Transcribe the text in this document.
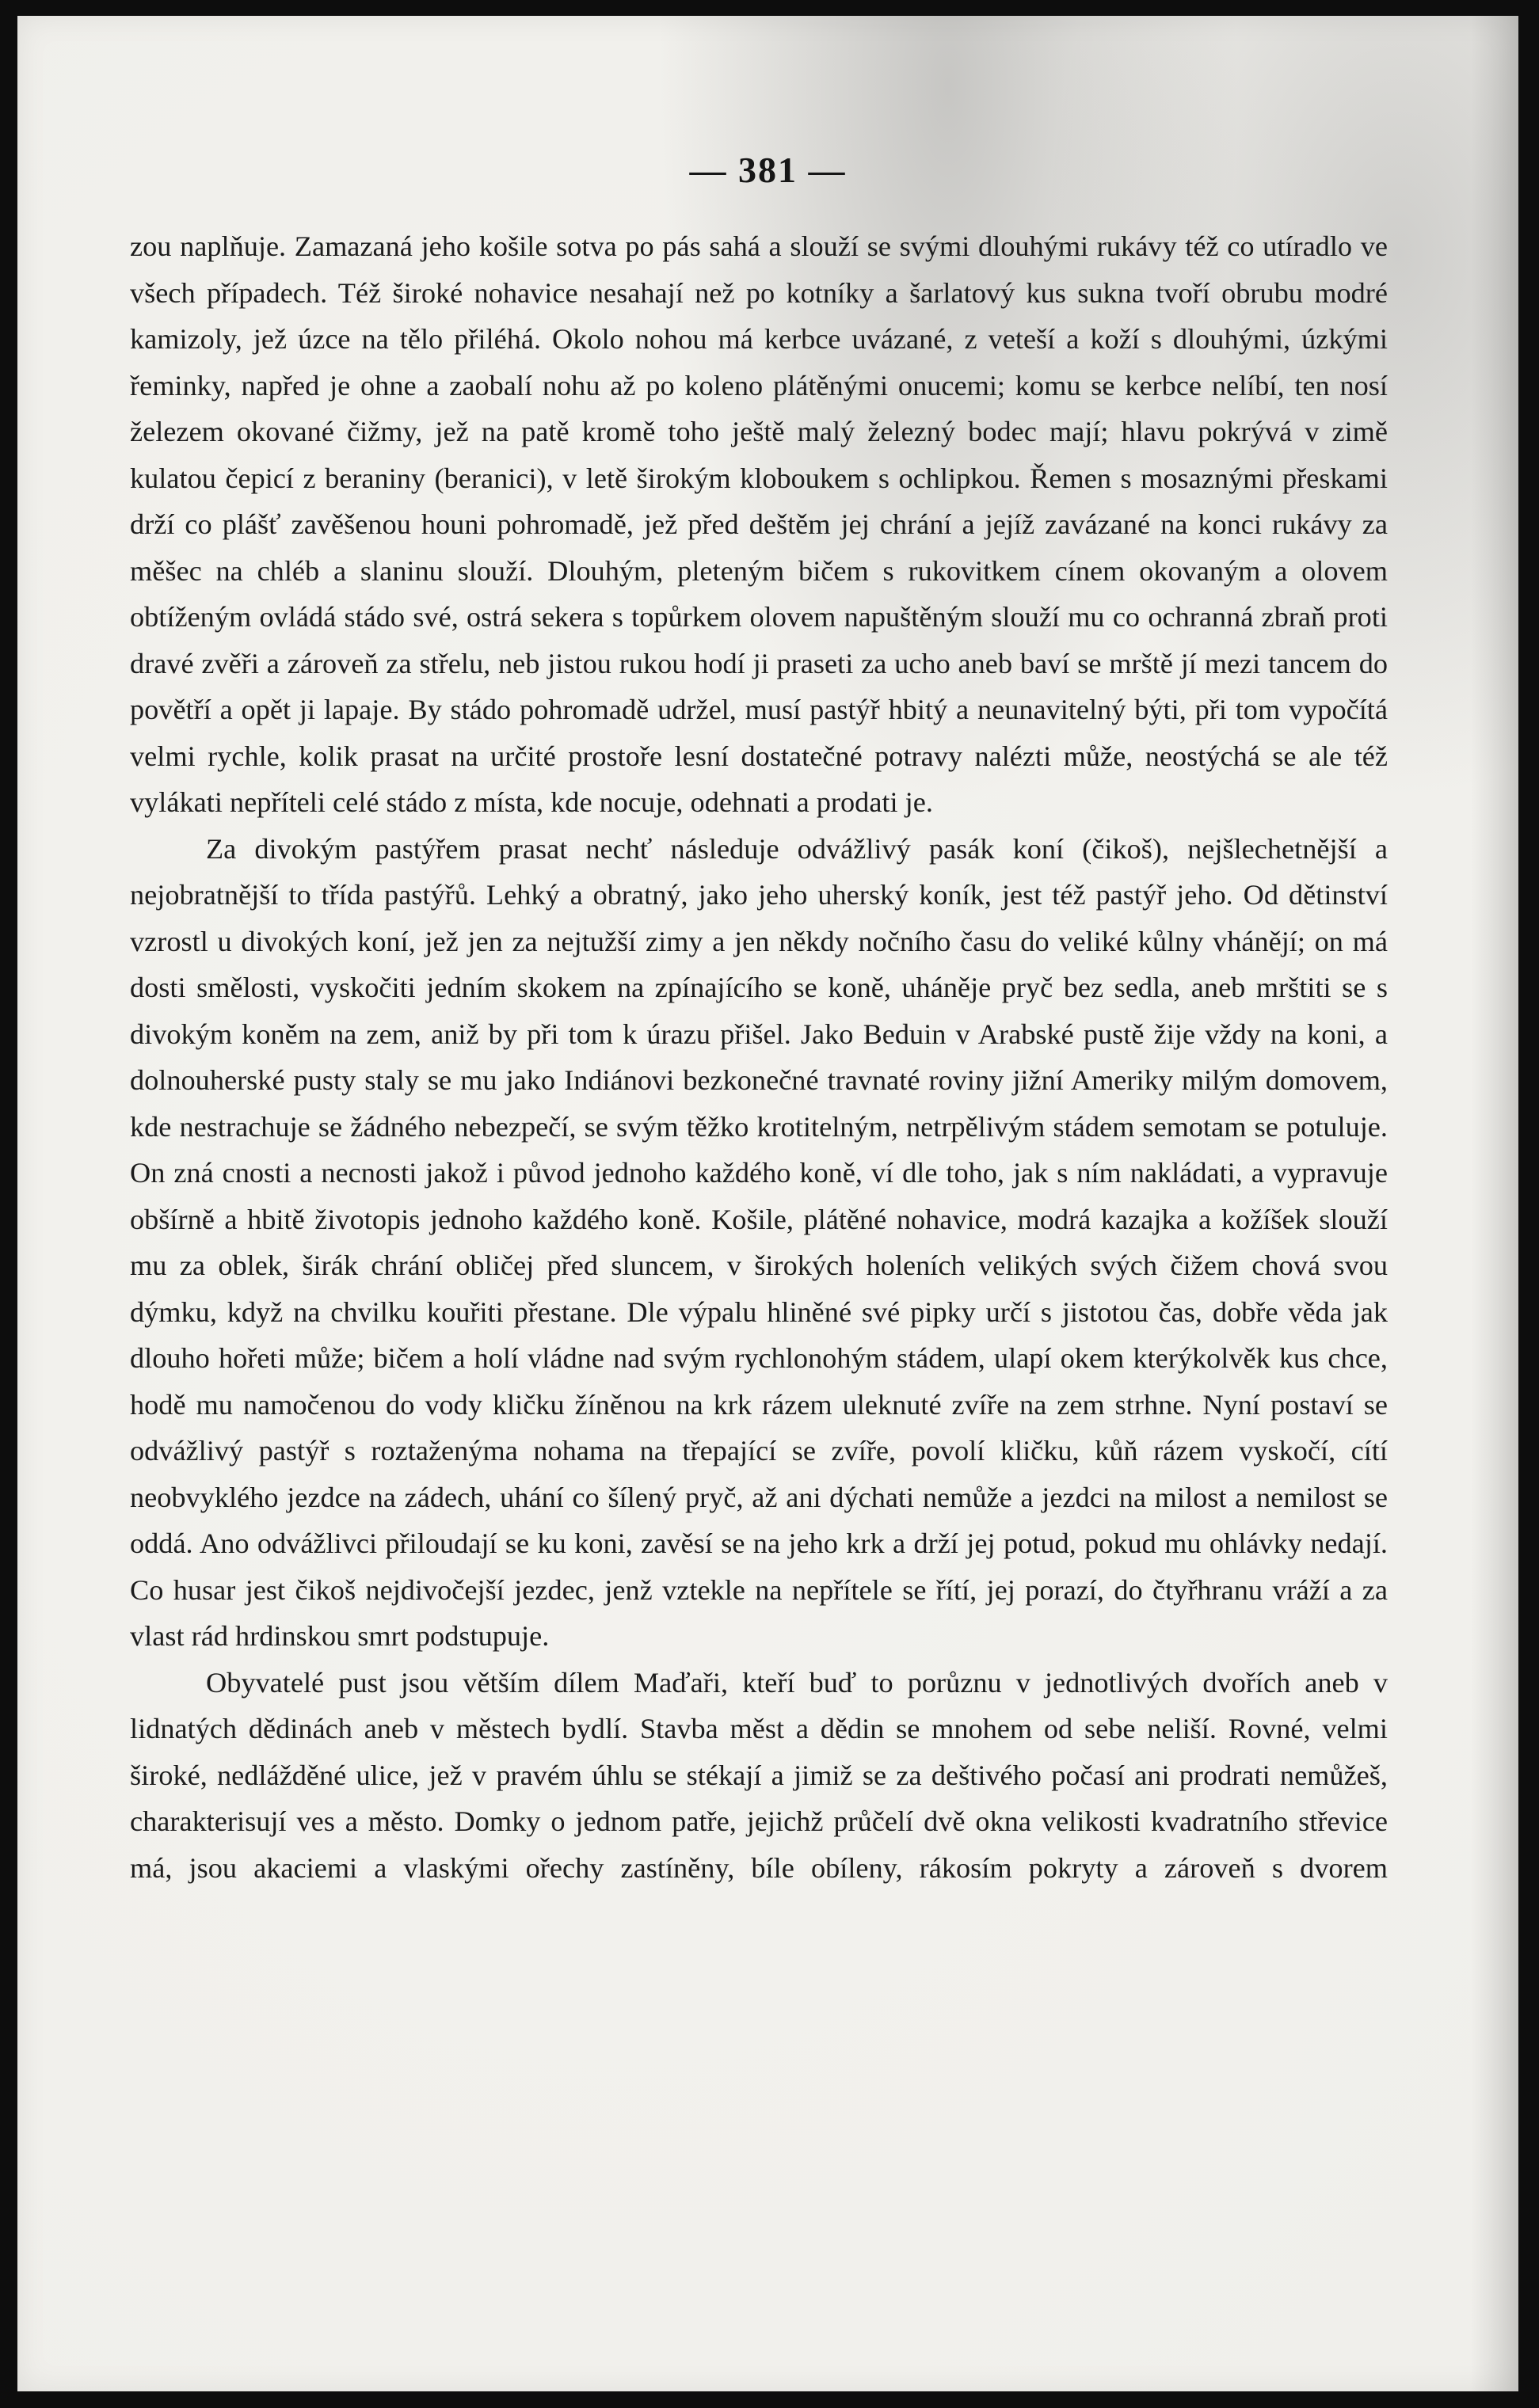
— 381 —

zou naplňuje. Zamazaná jeho košile sotva po pás sahá a slouží se svými dlouhými rukávy též co utíradlo ve všech případech. Též široké nohavice nesahají než po kotníky a šarlatový kus sukna tvoří obrubu modré kamizoly, jež úzce na tělo přiléhá. Okolo nohou má kerbce uvázané, z veteší a koží s dlouhými, úzkými řeminky, napřed je ohne a zaobalí nohu až po koleno plátěnými onucemi; komu se kerbce nelíbí, ten nosí železem okované čižmy, jež na patě kromě toho ještě malý železný bodec mají; hlavu pokrývá v zimě kulatou čepicí z beraniny (beranici), v letě širokým kloboukem s ochlipkou. Řemen s mosaznými přeskami drží co plášť zavěšenou houni pohromadě, jež před deštěm jej chrání a jejíž zavázané na konci rukávy za měšec na chléb a slaninu slouží. Dlouhým, pleteným bičem s rukovitkem cínem okovaným a olovem obtíženým ovládá stádo své, ostrá sekera s topůrkem olovem napuštěným slouží mu co ochranná zbraň proti dravé zvěři a zároveň za střelu, neb jistou rukou hodí ji praseti za ucho aneb baví se mrště jí mezi tancem do povětří a opět ji lapaje. By stádo pohromadě udržel, musí pastýř hbitý a neunavitelný býti, při tom vypočítá velmi rychle, kolik prasat na určité prostoře lesní dostatečné potravy nalézti může, neostýchá se ale též vylákati nepříteli celé stádo z místa, kde nocuje, odehnati a prodati je.

Za divokým pastýřem prasat nechť následuje odvážlivý pasák koní (čikoš), nejšlechetnější a nejobratnější to třída pastýřů. Lehký a obratný, jako jeho uherský koník, jest též pastýř jeho. Od dětinství vzrostl u divokých koní, jež jen za nejtužší zimy a jen někdy nočního času do veliké kůlny vhánějí; on má dosti smělosti, vyskočiti jedním skokem na zpínajícího se koně, uháněje pryč bez sedla, aneb mrštiti se s divokým koněm na zem, aniž by při tom k úrazu přišel. Jako Beduin v Arabské pustě žije vždy na koni, a dolnouherské pusty staly se mu jako Indiánovi bezkonečné travnaté roviny jižní Ameriky milým domovem, kde nestrachuje se žádného nebezpečí, se svým těžko krotitelným, netrpělivým stádem semotam se potuluje. On zná cnosti a necnosti jakož i původ jednoho každého koně, ví dle toho, jak s ním nakládati, a vypravuje obšírně a hbitě životopis jednoho každého koně. Košile, plátěné nohavice, modrá kazajka a kožíšek slouží mu za oblek, širák chrání obličej před sluncem, v širokých holeních velikých svých čižem chová svou dýmku, když na chvilku kouřiti přestane. Dle výpalu hliněné své pipky určí s jistotou čas, dobře věda jak dlouho hořeti může; bičem a holí vládne nad svým rychlonohým stádem, ulapí okem kterýkolvěk kus chce, hodě mu namočenou do vody kličku žíněnou na krk rázem uleknuté zvíře na zem strhne. Nyní postaví se odvážlivý pastýř s roztaženýma nohama na třepající se zvíře, povolí kličku, kůň rázem vyskočí, cítí neobvyklého jezdce na zádech, uhání co šílený pryč, až ani dýchati nemůže a jezdci na milost a nemilost se oddá. Ano odvážlivci přiloudají se ku koni, zavěsí se na jeho krk a drží jej potud, pokud mu ohlávky nedají. Co husar jest čikoš nejdivočejší jezdec, jenž vztekle na nepřítele se řítí, jej porazí, do čtyřhranu vráží a za vlast rád hrdinskou smrt podstupuje.

Obyvatelé pust jsou větším dílem Maďaři, kteří buď to porůznu v jednotlivých dvořích aneb v lidnatých dědinách aneb v městech bydlí. Stavba měst a dědin se mnohem od sebe neliší. Rovné, velmi široké, nedlážděné ulice, jež v pravém úhlu se stékají a jimiž se za deštivého počasí ani prodrati nemůžeš, charakterisují ves a město. Domky o jednom patře, jejichž průčelí dvě okna velikosti kvadratního střevice má, jsou akaciemi a vlaskými ořechy zastíněny, bíle obíleny, rákosím pokryty a zároveň s dvorem
